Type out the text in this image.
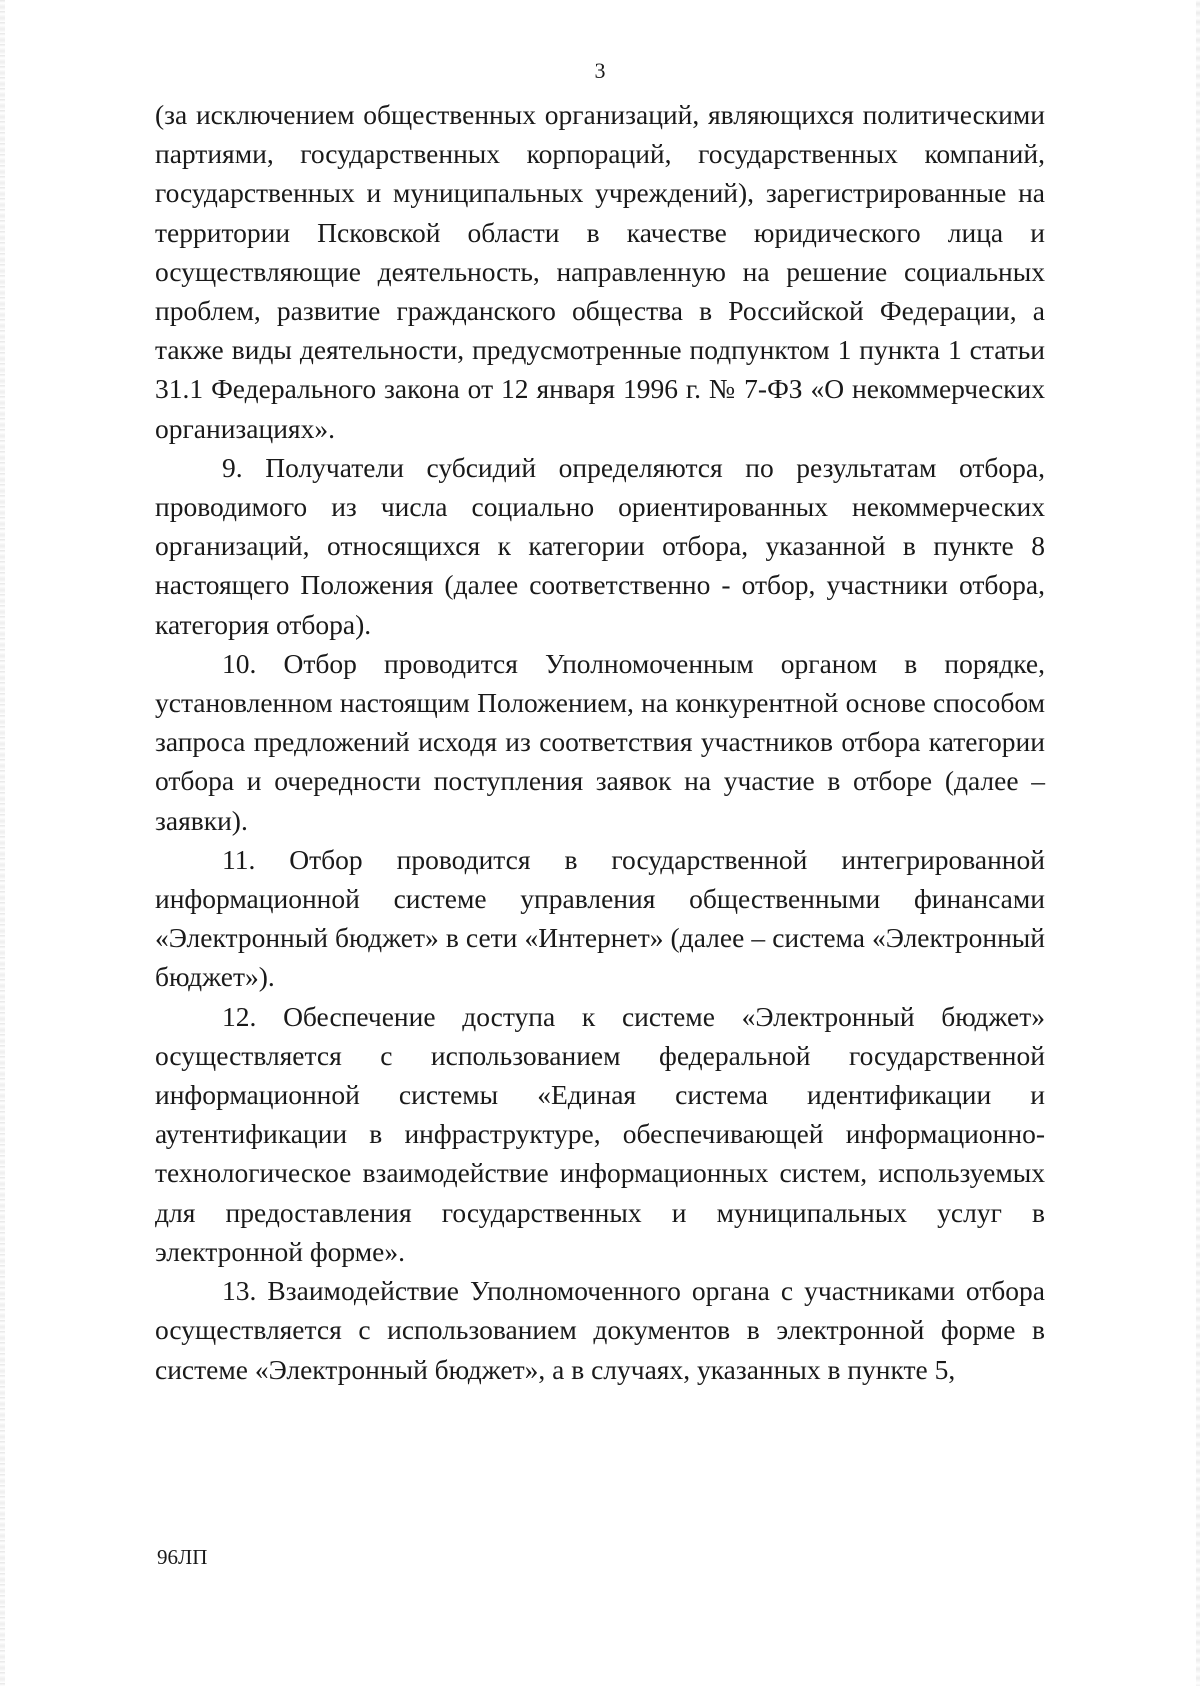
3

(за исключением общественных организаций, являющихся политическими партиями, государственных корпораций, государственных компаний, государственных и муниципальных учреждений), зарегистрированные на территории Псковской области в качестве юридического лица и осуществляющие деятельность, направленную на решение социальных проблем, развитие гражданского общества в Российской Федерации, а также виды деятельности, предусмотренные подпунктом 1 пункта 1 статьи 31.1 Федерального закона от 12 января 1996 г. № 7-ФЗ «О некоммерческих организациях».

9. Получатели субсидий определяются по результатам отбора, проводимого из числа социально ориентированных некоммерческих организаций, относящихся к категории отбора, указанной в пункте 8 настоящего Положения (далее соответственно - отбор, участники отбора, категория отбора).

10. Отбор проводится Уполномоченным органом в порядке, установленном настоящим Положением, на конкурентной основе способом запроса предложений исходя из соответствия участников отбора категории отбора и очередности поступления заявок на участие в отборе (далее – заявки).

11. Отбор проводится в государственной интегрированной информационной системе управления общественными финансами «Электронный бюджет» в сети «Интернет» (далее – система «Электронный бюджет»).

12. Обеспечение доступа к системе «Электронный бюджет» осуществляется с использованием федеральной государственной информационной системы «Единая система идентификации и аутентификации в инфраструктуре, обеспечивающей информационно-технологическое взаимодействие информационных систем, используемых для предоставления государственных и муниципальных услуг в электронной форме».

13. Взаимодействие Уполномоченного органа с участниками отбора осуществляется с использованием документов в электронной форме в системе «Электронный бюджет», а в случаях, указанных в пункте 5,

96ЛП
